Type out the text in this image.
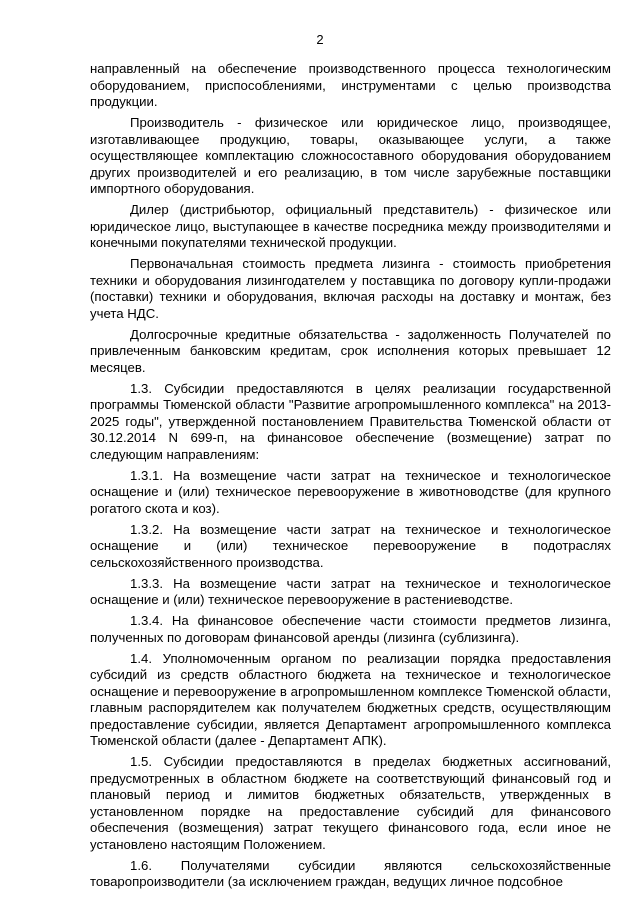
2

направленный на обеспечение производственного процесса технологическим оборудованием, приспособлениями, инструментами с целью производства продукции.

Производитель - физическое или юридическое лицо, производящее, изготавливающее продукцию, товары, оказывающее услуги, а также осуществляющее комплектацию сложносоставного оборудования оборудованием других производителей и его реализацию, в том числе зарубежные поставщики импортного оборудования.

Дилер (дистрибьютор, официальный представитель) - физическое или юридическое лицо, выступающее в качестве посредника между производителями и конечными покупателями технической продукции.

Первоначальная стоимость предмета лизинга - стоимость приобретения техники и оборудования лизингодателем у поставщика по договору купли-продажи (поставки) техники и оборудования, включая расходы на доставку и монтаж, без учета НДС.

Долгосрочные кредитные обязательства - задолженность Получателей по привлеченным банковским кредитам, срок исполнения которых превышает 12 месяцев.

1.3. Субсидии предоставляются в целях реализации государственной программы Тюменской области "Развитие агропромышленного комплекса" на 2013-2025 годы", утвержденной постановлением Правительства Тюменской области от 30.12.2014 N 699-п, на финансовое обеспечение (возмещение) затрат по следующим направлениям:

1.3.1. На возмещение части затрат на техническое и технологическое оснащение и (или) техническое перевооружение в животноводстве (для крупного рогатого скота и коз).

1.3.2. На возмещение части затрат на техническое и технологическое оснащение и (или) техническое перевооружение в подотраслях сельскохозяйственного производства.

1.3.3. На возмещение части затрат на техническое и технологическое оснащение и (или) техническое перевооружение в растениеводстве.

1.3.4. На финансовое обеспечение части стоимости предметов лизинга, полученных по договорам финансовой аренды (лизинга (сублизинга).

1.4. Уполномоченным органом по реализации порядка предоставления субсидий из средств областного бюджета на техническое и технологическое оснащение и перевооружение в агропромышленном комплексе Тюменской области, главным распорядителем как получателем бюджетных средств, осуществляющим предоставление субсидии, является Департамент агропромышленного комплекса Тюменской области (далее - Департамент АПК).

1.5. Субсидии предоставляются в пределах бюджетных ассигнований, предусмотренных в областном бюджете на соответствующий финансовый год и плановый период и лимитов бюджетных обязательств, утвержденных в установленном порядке на предоставление субсидий для финансового обеспечения (возмещения) затрат текущего финансового года, если иное не установлено настоящим Положением.

1.6. Получателями субсидии являются сельскохозяйственные товаропроизводители (за исключением граждан, ведущих личное подсобное
